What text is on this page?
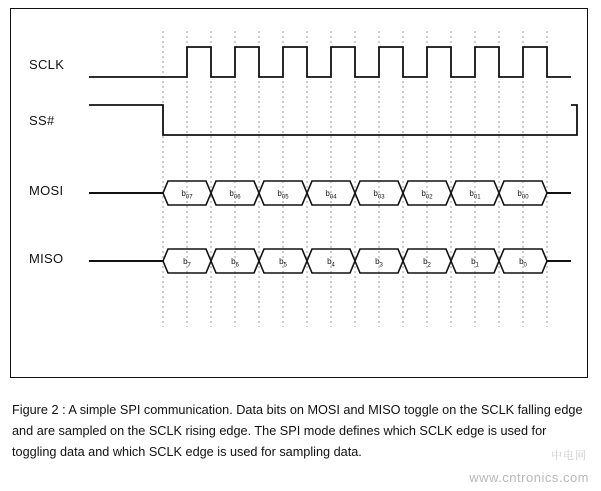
SCLK
SS#
MOSI
MISO
$b_{07}$	$b_{06}$	$b_{05}$	$b_{04}$	$b_{03}$	$b_{02}$	$b_{01}$	$b_{00}$
$b_7$	$b_6$	$b_5$	$b_4$	$b_3$	$b_2$	$b_1$	$b_0$
Figure 2 : A simple SPI communication. Data bits on MOSI and MISO toggle on the SCLK falling edge and are sampled on the SCLK rising edge. The SPI mode defines which SCLK edge is used for toggling data and which SCLK edge is used for sampling data.	中电网
www.cntronics.com
